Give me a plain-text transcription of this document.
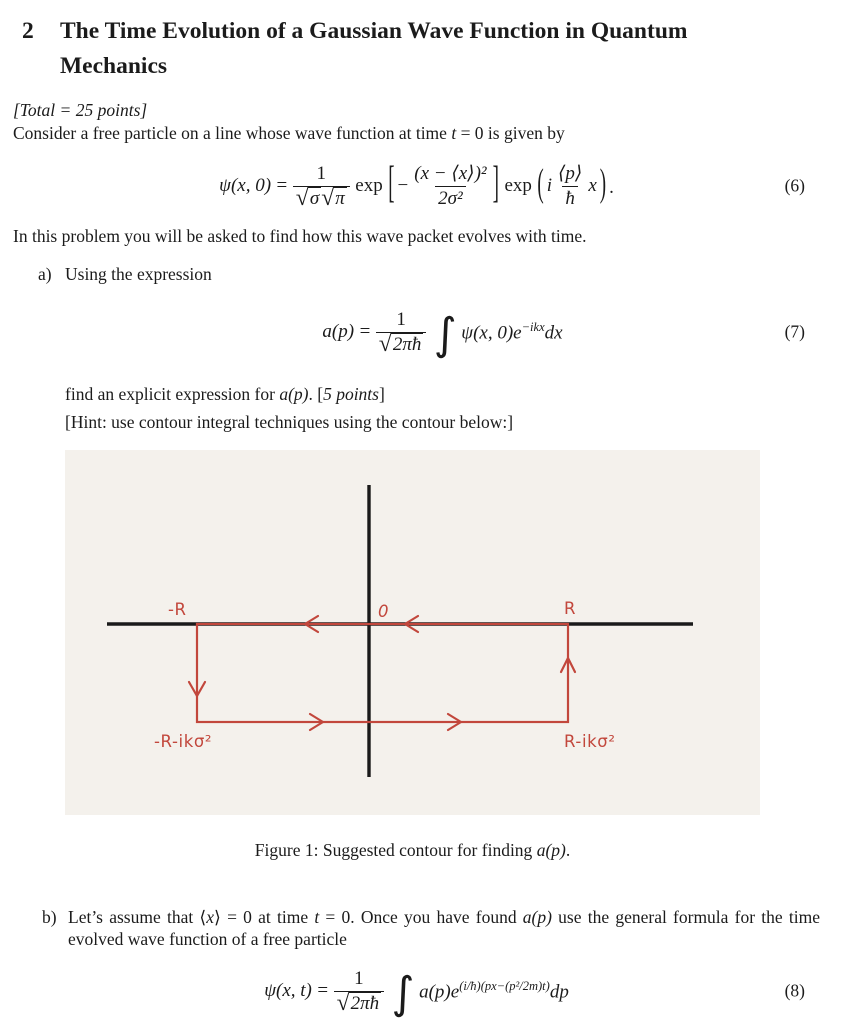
2	The Time Evolution of a Gaussian Wave Function in Quantum
Mechanics
[Total = 25 points]
Consider a free particle on a line whose wave function at time t = 0 is given by
ψ(x, $0) = \frac{1}{√ \sigma √ \pi}$ exp [ − $\frac{\text{(x − ⟨x⟩)²}}{\text{2σ²}}$ ] exp ( i $\frac{⟨p⟩}{ħ}$ x ) .	(6)
In this problem you will be asked to find how this wave packet evolves with time.
a) Using the expression
$a(p) = \frac{1}{√ 2\pi ħ}$ ∫ ψ(x, $0)e^{-ikx}dx$	(7)
find an explicit expression for a(p). [5 points]
[Hint: use contour integral techniques using the contour below:]
-R	0	R
-R-ikσ²	R-ikσ²
Figure 1: Suggested contour for finding a(p).
b) Let’s assume that ⟨x⟩ = 0 at time t = 0. Once you have found a(p) use the general formula for the time evolved wave function of a free particle
ψ(x, $t) = \frac{1}{√ 2\pi ħ}$ ∫ $a(p)e^{(i/ħ)(px-(p^2/2m)t)}dp$	(8)
